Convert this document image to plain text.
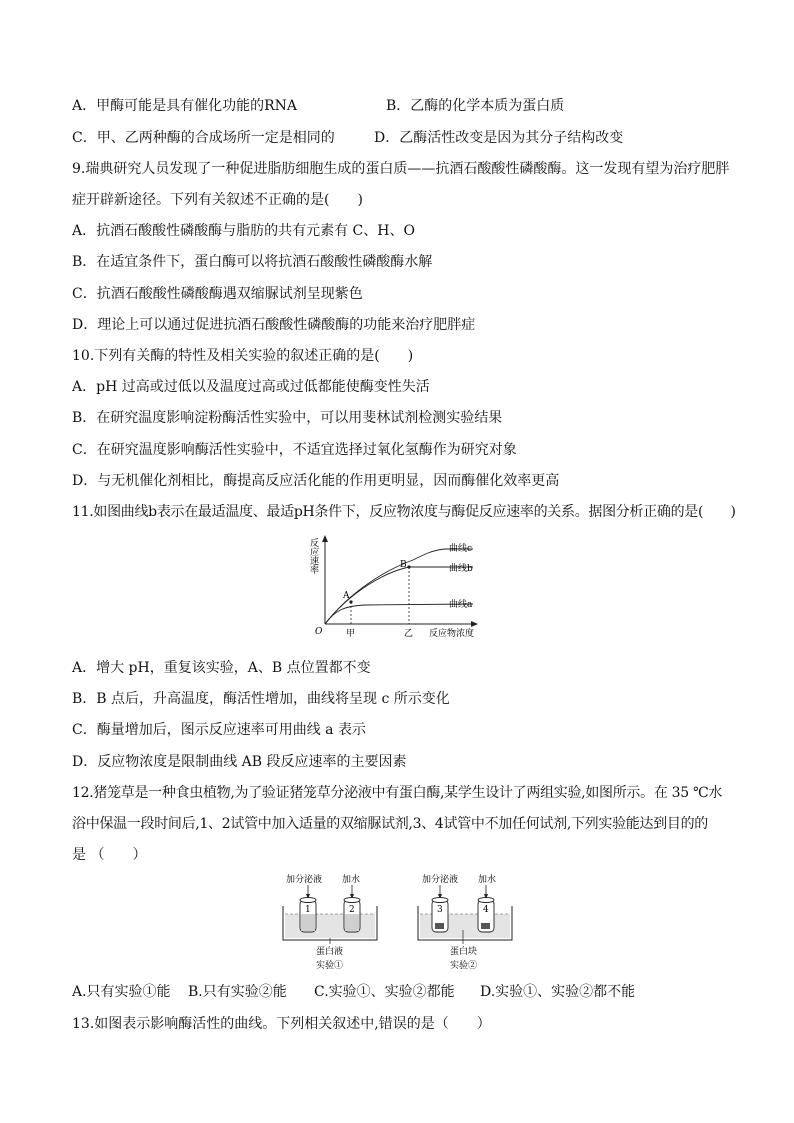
A．甲酶可能是具有催化功能的RNA	B．乙酶的化学本质为蛋白质
C．甲、乙两种酶的合成场所一定是相同的	D．乙酶活性改变是因为其分子结构改变
9.瑞典研究人员发现了一种促进脂肪细胞生成的蛋白质——抗酒石酸酸性磷酸酶。这一发现有望为治疗肥胖
症开辟新途径。下列有关叙述不正确的是(　　)
A．抗酒石酸酸性磷酸酶与脂肪的共有元素有 C、H、O
B．在适宜条件下，蛋白酶可以将抗酒石酸酸性磷酸酶水解
C．抗酒石酸酸性磷酸酶遇双缩脲试剂呈现紫色
D．理论上可以通过促进抗酒石酸酸性磷酸酶的功能来治疗肥胖症
10.下列有关酶的特性及相关实验的叙述正确的是(　　)
A．pH 过高或过低以及温度过高或过低都能使酶变性失活
B．在研究温度影响淀粉酶活性实验中，可以用斐林试剂检测实验结果
C．在研究温度影响酶活性实验中，不适宜选择过氧化氢酶作为研究对象
D．与无机催化剂相比，酶提高反应活化能的作用更明显，因而酶催化效率更高
11.如图曲线b表示在最适温度、最适pH条件下，反应物浓度与酶促反应速率的关系。据图分析正确的是(　　)
反
应
速
率
A
B
曲线c
曲线b
曲线a
O	甲	乙 反应物浓度
A．增大 pH，重复该实验，A、B 点位置都不变
B．B 点后，升高温度，酶活性增加，曲线将呈现 c 所示变化
C．酶量增加后，图示反应速率可用曲线 a 表示
D．反应物浓度是限制曲线 AB 段反应速率的主要因素
12.猪笼草是一种食虫植物,为了验证猪笼草分泌液中有蛋白酶,某学生设计了两组实验,如图所示。在 35 ℃水
浴中保温一段时间后,1、2试管中加入适量的双缩脲试剂,3、4试管中不加任何试剂,下列实验能达到目的的
是 （　　）
加分泌液 加水
1	2
蛋白液
实验①
加分泌液 加水
3	4
蛋白块
实验②
A.只有实验①能 B.只有实验②能 C.实验①、实验②都能 D.实验①、实验②都不能
13.如图表示影响酶活性的曲线。下列相关叙述中,错误的是（　　）
